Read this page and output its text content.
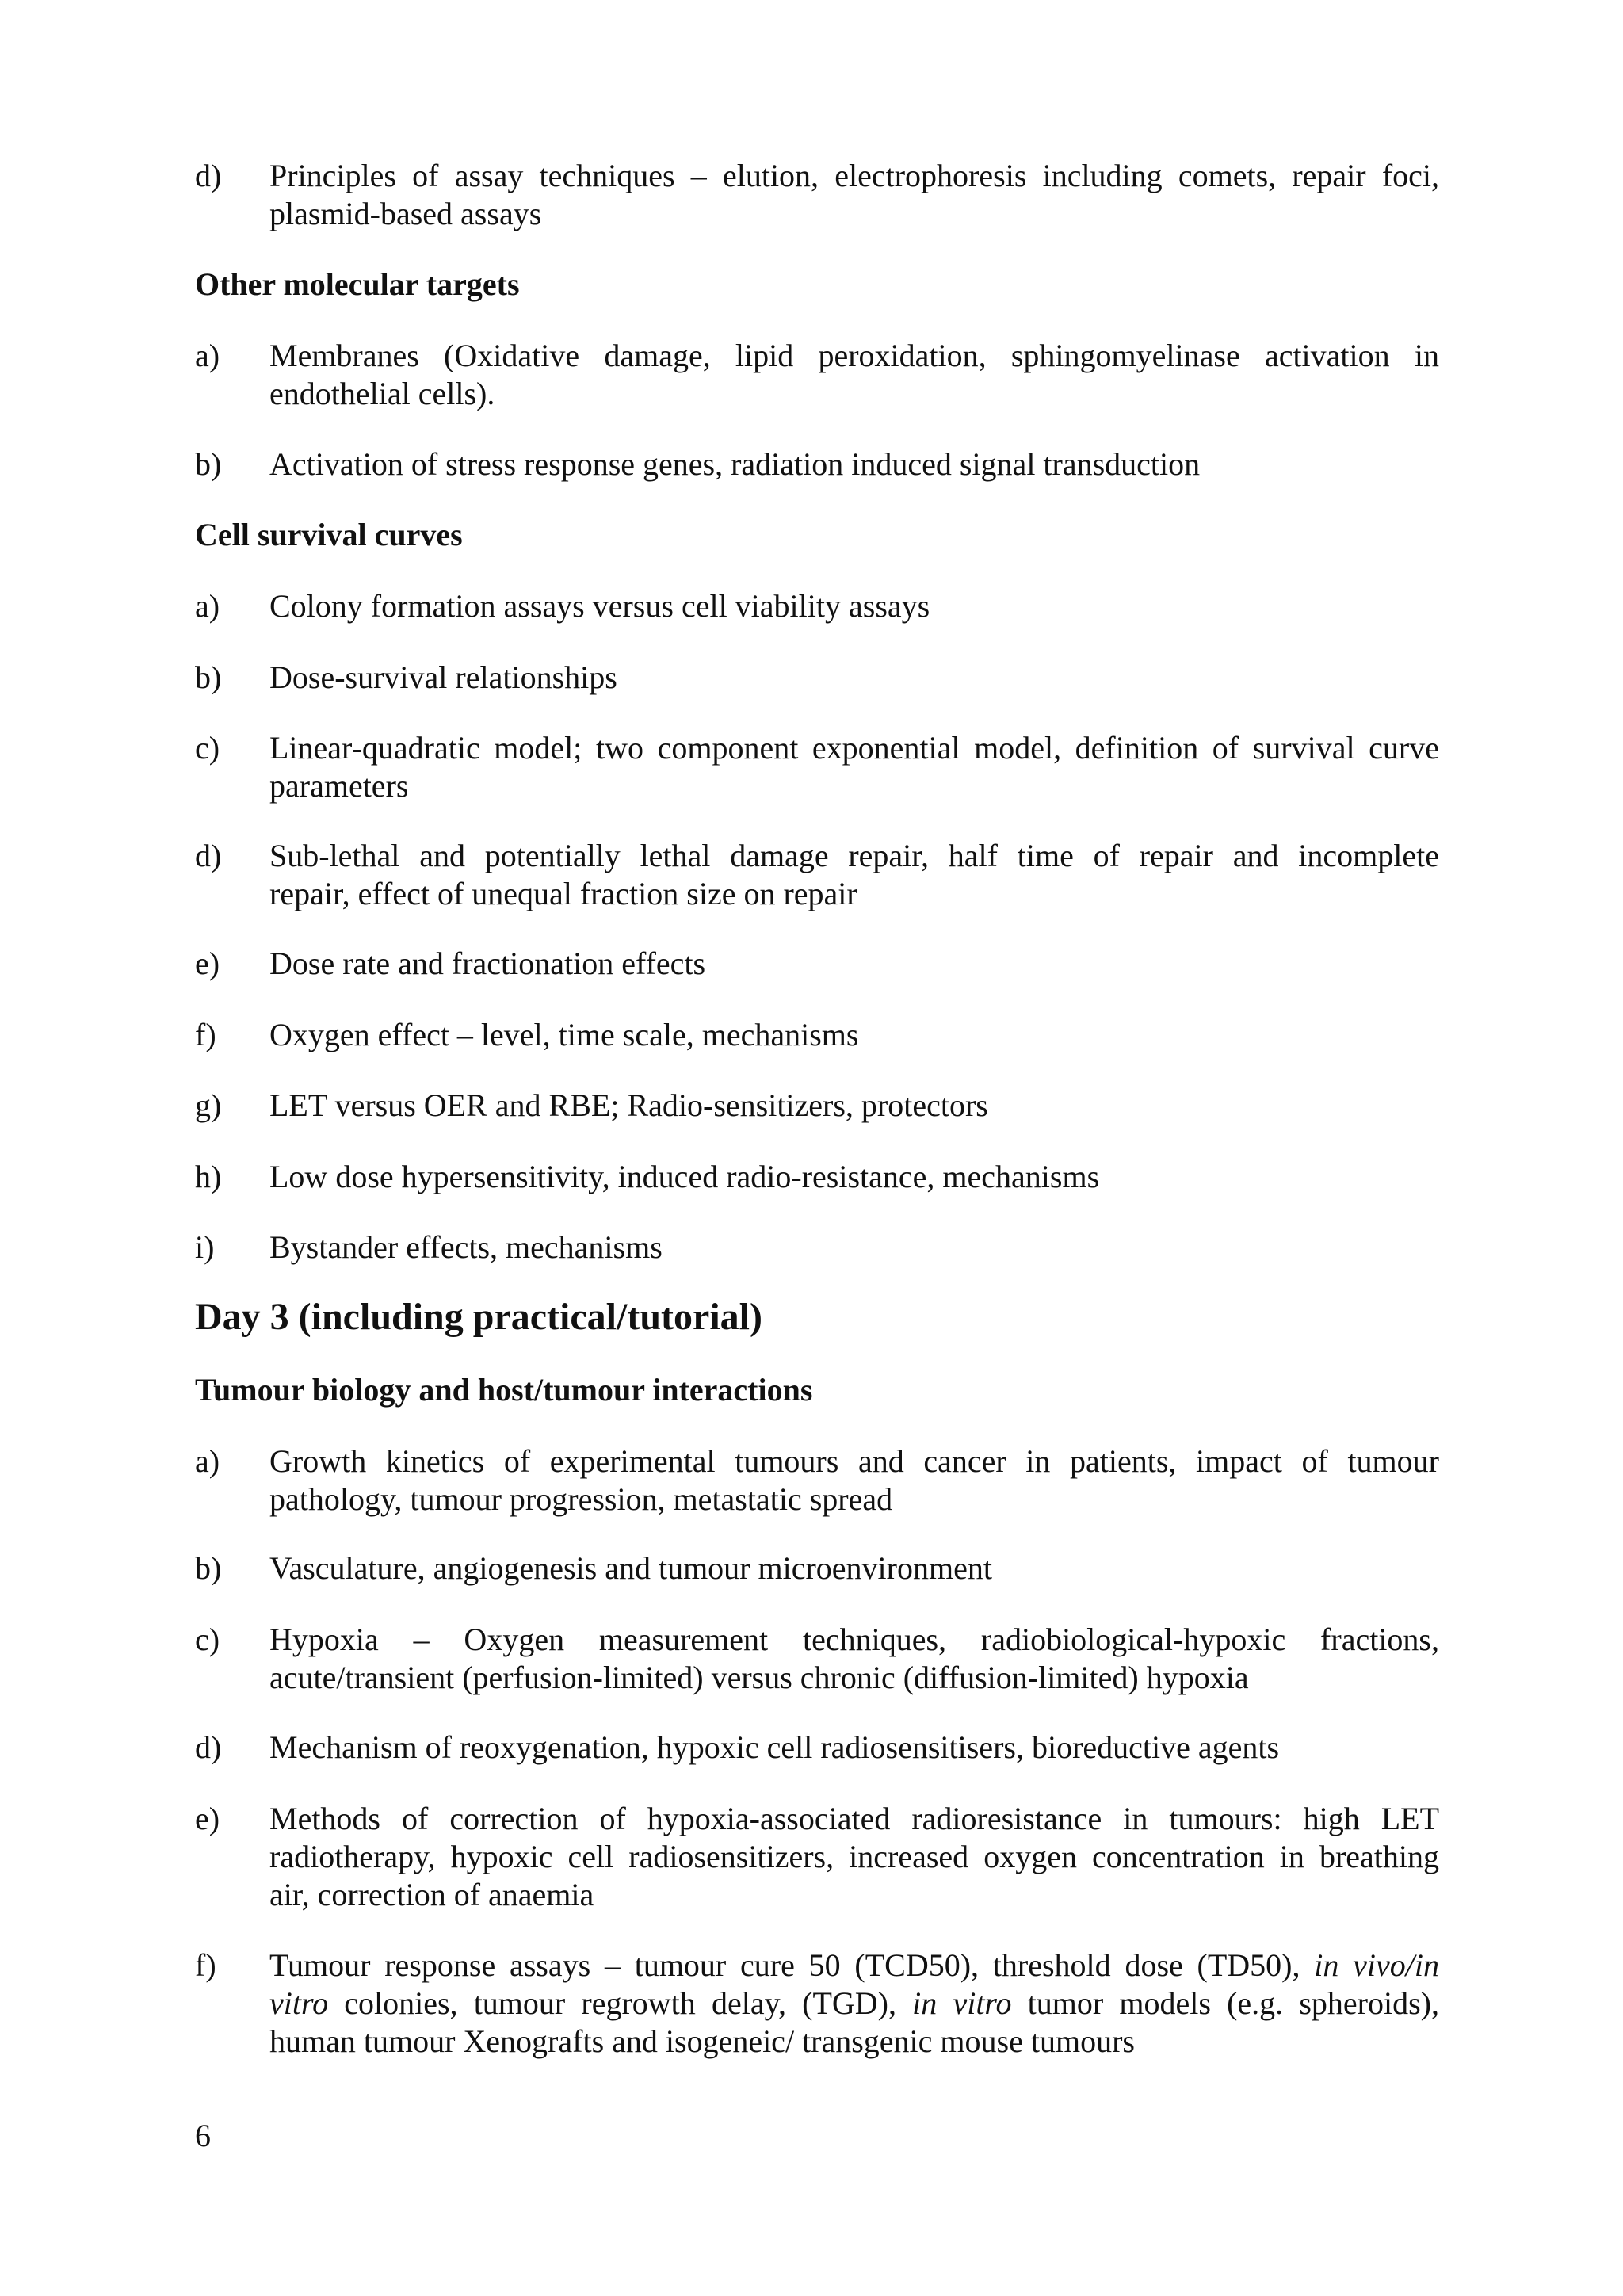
d) Principles of assay techniques – elution, electrophoresis including comets, repair foci,
plasmid-based assays
Other molecular targets
a) Membranes (Oxidative damage, lipid peroxidation, sphingomyelinase activation in
endothelial cells).
b) Activation of stress response genes, radiation induced signal transduction
Cell survival curves
a) Colony formation assays versus cell viability assays
b) Dose-survival relationships
c) Linear-quadratic model; two component exponential model, definition of survival curve
parameters
d) Sub-lethal and potentially lethal damage repair, half time of repair and incomplete
repair, effect of unequal fraction size on repair
e) Dose rate and fractionation effects
f) Oxygen effect – level, time scale, mechanisms
g) LET versus OER and RBE; Radio-sensitizers, protectors
h) Low dose hypersensitivity, induced radio-resistance, mechanisms
i) Bystander effects, mechanisms
Day 3 (including practical/tutorial)
Tumour biology and host/tumour interactions
a) Growth kinetics of experimental tumours and cancer in patients, impact of tumour
pathology, tumour progression, metastatic spread
b) Vasculature, angiogenesis and tumour microenvironment
c) Hypoxia – Oxygen measurement techniques, radiobiological-hypoxic fractions,
acute/transient (perfusion-limited) versus chronic (diffusion-limited) hypoxia
d) Mechanism of reoxygenation, hypoxic cell radiosensitisers, bioreductive agents
e) Methods of correction of hypoxia-associated radioresistance in tumours: high LET
radiotherapy, hypoxic cell radiosensitizers, increased oxygen concentration in breathing
air, correction of anaemia
f) Tumour response assays – tumour cure 50 (TCD50), threshold dose (TD50), in vivo/in
vitro colonies, tumour regrowth delay, (TGD), in vitro tumor models (e.g. spheroids),
human tumour Xenografts and isogeneic/ transgenic mouse tumours
6
